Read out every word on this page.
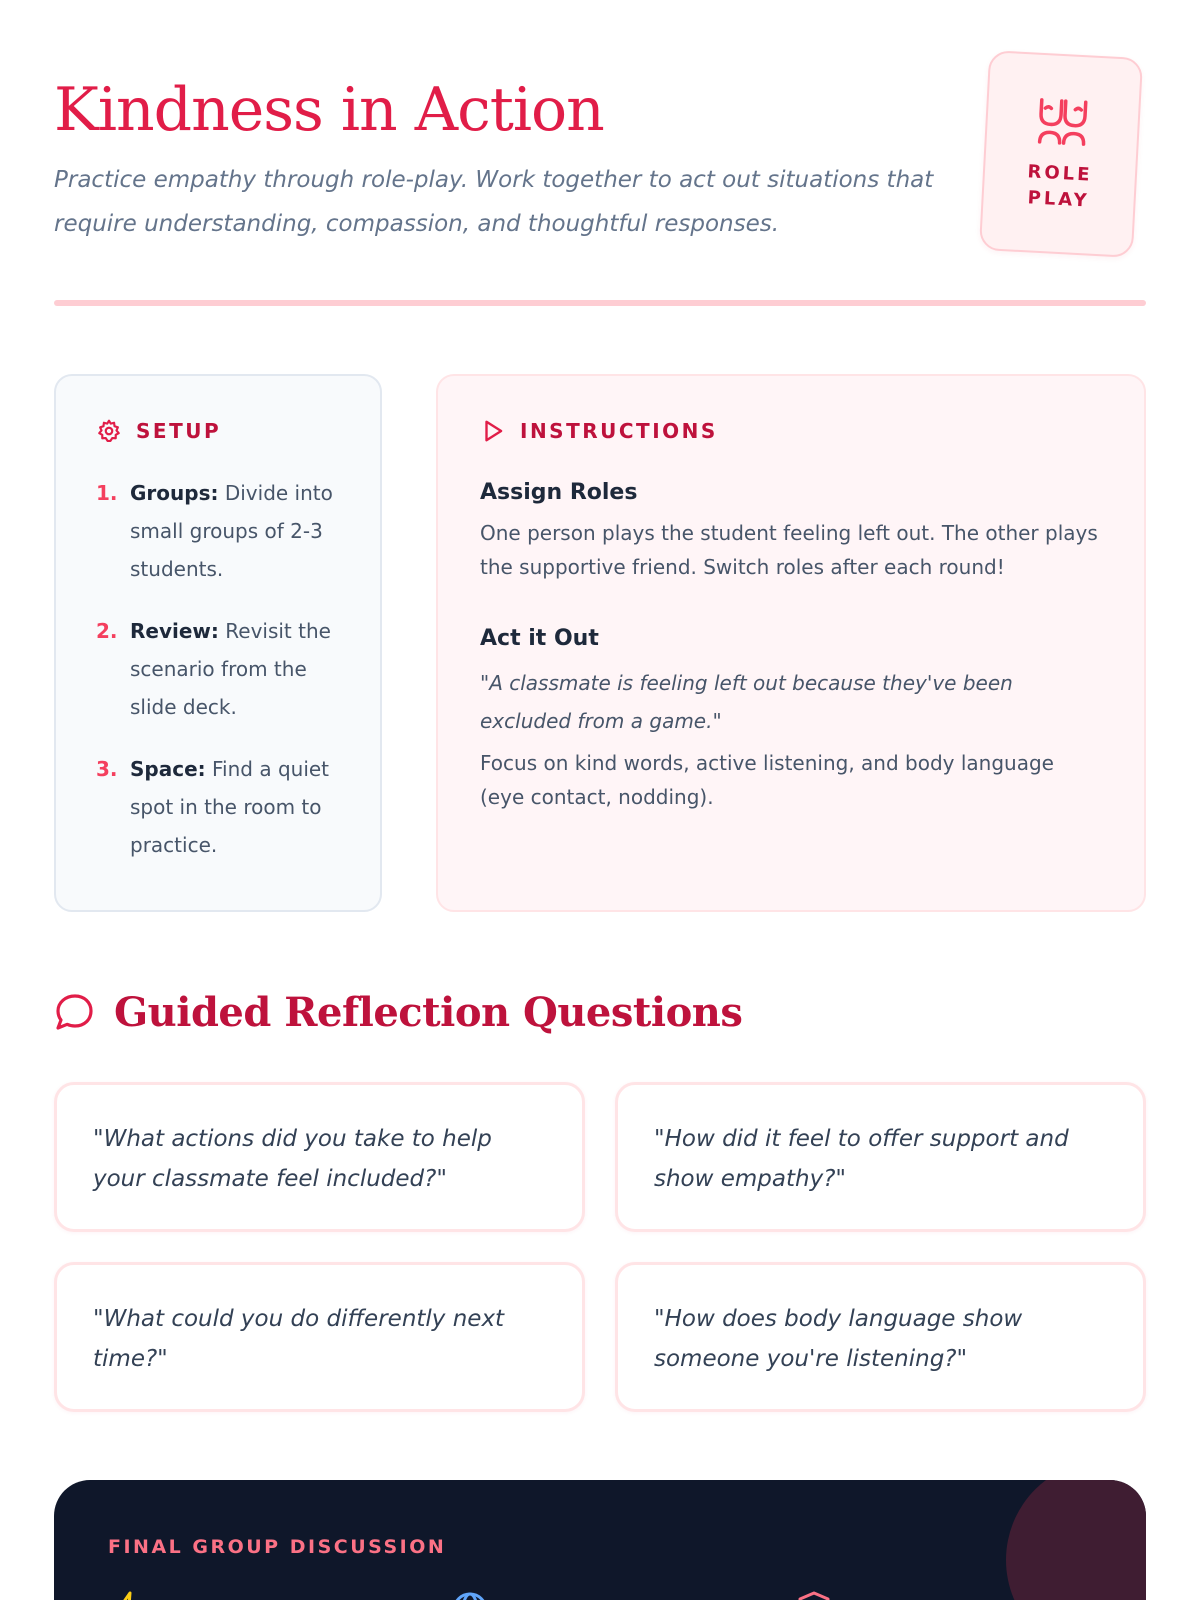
Kindness in Action

Practice empathy through role-play. Work together to act out situations that require understanding, compassion, and thoughtful responses.

ROLE PLAY
SETUP
1. Groups: Divide into small groups of 2-3 students.
2. Review: Revisit the scenario from the slide deck.
3. Space: Find a quiet spot in the room to practice.
INSTRUCTIONS
Assign Roles

One person plays the student feeling left out. The other plays the supportive friend. Switch roles after each round!

Act it Out

"A classmate is feeling left out because they've been excluded from a game."

Focus on kind words, active listening, and body language (eye contact, nodding).

Guided Reflection Questions
"What actions did you take to help your classmate feel included?"
"How did it feel to offer support and show empathy?"
"What could you do differently next time?"
"How does body language show someone you're listening?"
FINAL GROUP DISCUSSION
